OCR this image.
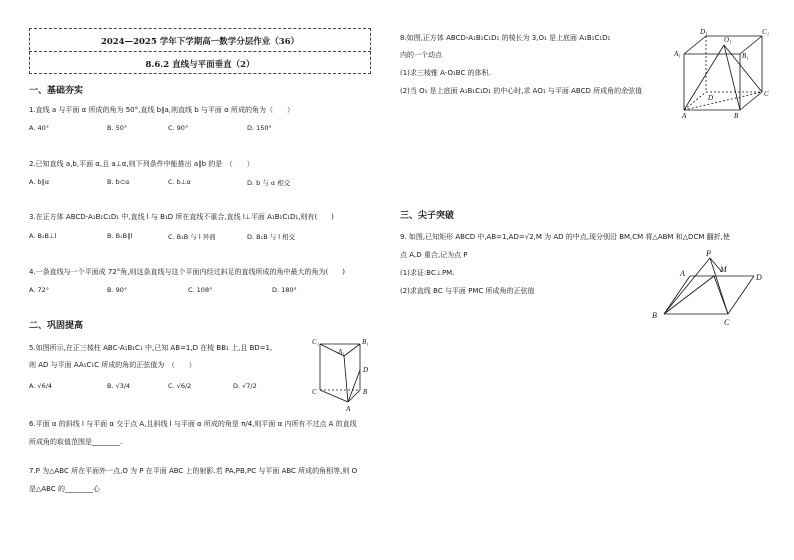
2024—2025 学年下学期高一数学分层作业（36）
8.6.2 直线与平面垂直（2）
一、基础夯实
1.直线 a 与平面 α 所成的角为 50°,直线 b∥a,则直线 b 与平面 α 所成的角为（　　）
A. 40°	B. 50°	C. 90°	D. 150°
2.已知直线 a,b,平面 α,且 a⊥α,则下列条件中能推出 a∥b 的是　（　　）
A. b∥α	B. b⊂α	C. b⊥α	D. b 与 α 相交
3.在正方体 ABCD-A₁B₁C₁D₁ 中,直线 l 与 B₁D 所在直线不重合,直线 l⊥平面 A₁B₁C₁D₁,则有(　　)
A. B₁B⊥l	B. B₁B∥l	C. B₁B 与 l 异面	D. B₁B 与 l 相交
4.一条直线与一个平面成 72°角,则这条直线与这个平面内经过斜足的直线所成的角中最大的角为(　　)
A. 72°	B. 90°	C. 108°	D. 180°
二、巩固提高
5.如图所示,在正三棱柱 ABC-A₁B₁C₁ 中,已知 AB=1,D 在棱 BB₁ 上,且 BD=1,
则 AD 与平面 AA₁C₁C 所成的角的正弦值为　（　　）
A. √6/4	B. √3/4	C. √6/2	D. √7/2
C₁
A₁
B₁
D
C	B
A
6.平面 α 的斜线 l 与平面 α 交于点 A,且斜线 l 与平面 α 所成的角是 π/4,则平面 α 内所有不过点 A 的直线
所成角的取值范围是________.
7.P 为△ABC 所在平面外一点,O 为 P 在平面 ABC 上的射影.若 PA,PB,PC 与平面 ABC 所成的角相等,则 O
是△ABC 的________心
8.如图,正方体 ABCD-A₁B₁C₁D₁ 的棱长为 3,O₁ 是上底面 A₁B₁C₁D₁
内的一个动点
(1)求三棱锥 A-O₁BC 的体积.
(2)当 O₁ 是上底面 A₁B₁C₁D₁ 的中心时,求 AO₁ 与平面 ABCD 所成角的余弦值
D₁	C₁
A₁
O₁
B₁
D	C
A	B
三、尖子突破
9. 如图,已知矩形 ABCD 中,AB=1,AD=√2,M 为 AD 的中点,现分别沿 BM,CM 将△ABM 和△DCM 翻折,使
点 A,D 重合,记为点 P
(1)求证:BC⊥PM.
(2)求直线 BC 与平面 PMC 所成角的正弦值
P
M
A	D
B
C
